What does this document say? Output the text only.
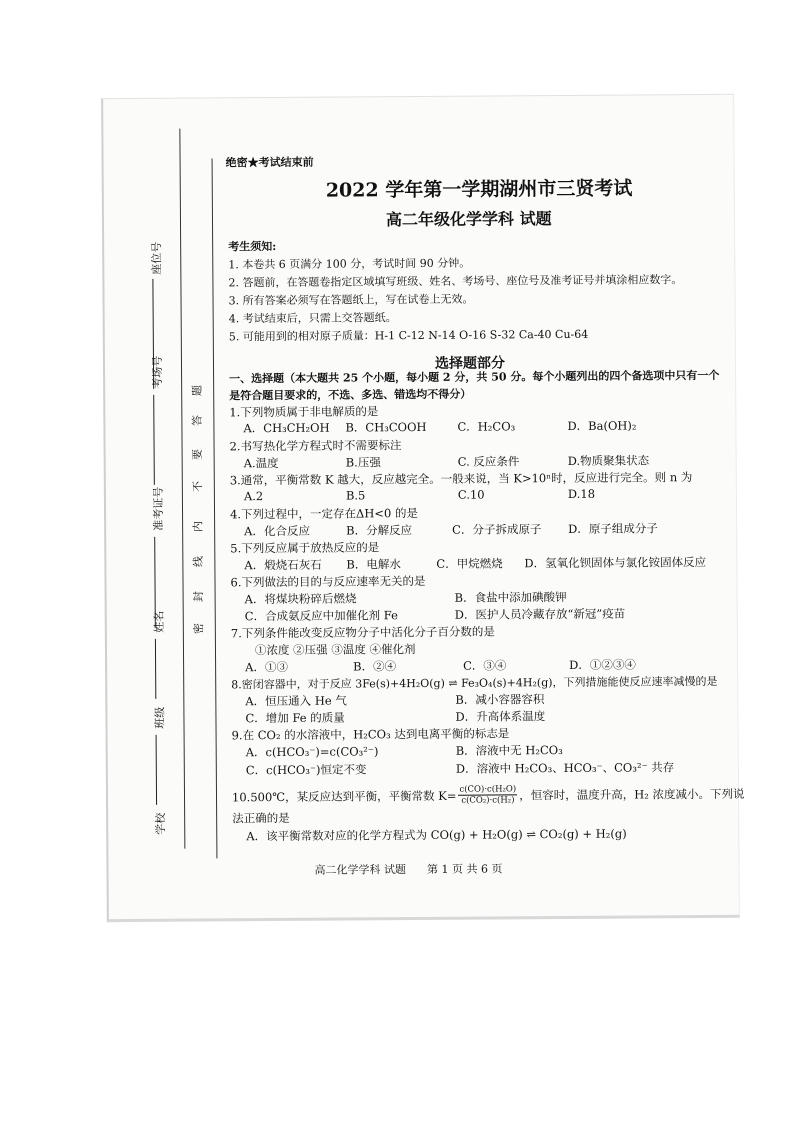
座位号
考场号
准考证号
姓名
班级
学校
题
答
要
不
内
线
封
密
绝密★考试结束前
2022 学年第一学期湖州市三贤考试
高二年级化学学科 试题
考生须知:
1. 本卷共 6 页满分 100 分，考试时间 90 分钟。
2. 答题前，在答题卷指定区域填写班级、姓名、考场号、座位号及准考证号并填涂相应数字。
3. 所有答案必须写在答题纸上，写在试卷上无效。
4. 考试结束后，只需上交答题纸。
5. 可能用到的相对原子质量：H-1 C-12 N-14 O-16 S-32 Ca-40 Cu-64
选择题部分
一、选择题（本大题共 25 个小题，每小题 2 分，共 50 分。每个小题列出的四个备选项中只有一个
是符合题目要求的，不选、多选、错选均不得分）
1.下列物质属于非电解质的是
A．CH₃CH₂OH B．CH₃COOH	C．H₂CO₃	D．Ba(OH)₂
2.书写热化学方程式时不需要标注
A.温度	B.压强	C. 反应条件	D.物质聚集状态
3.通常，平衡常数 K 越大，反应越完全。一般来说，当 K>10ⁿ时，反应进行完全。则 n 为
A.2	B.5	C.10	D.18
4.下列过程中，一定存在ΔH<0 的是
A．化合反应	B．分解反应	C．分子拆成原子 D．原子组成分子
5.下列反应属于放热反应的是
A．煅烧石灰石 B．电解水	C．甲烷燃烧 D．氢氧化钡固体与氯化铵固体反应
6.下列做法的目的与反应速率无关的是
A．将煤块粉碎后燃烧	B．食盐中添加碘酸钾
C．合成氨反应中加催化剂 Fe	D．医护人员冷藏存放“新冠”疫苗
7.下列条件能改变反应物分子中活化分子百分数的是
①浓度 ②压强 ③温度 ④催化剂
A．①③	B．②④	C．③④	D．①②③④
8.密闭容器中，对于反应 3Fe(s)+4H₂O(g) ⇌ Fe₃O₄(s)+4H₂(g)，下列措施能使反应速率减慢的是
A．恒压通入 He 气	B．减小容器容积
C．增加 Fe 的质量	D．升高体系温度
9.在 CO₂ 的水溶液中，H₂CO₃ 达到电离平衡的标志是
A．c(HCO₃⁻)=c(CO₃²⁻)	B．溶液中无 H₂CO₃
C．c(HCO₃⁻)恒定不变	D．溶液中 H₂CO₃、HCO₃⁻、CO₃²⁻ 共存
10.500℃，某反应达到平衡，平衡常数 $K= \frac{\text{c(CO)·c(H₂O)}}{\text{c(CO₂)·c(H₂)}}$ ，恒容时，温度升高，H₂ 浓度减小。下列说
法正确的是
A．该平衡常数对应的化学方程式为 CO(g) + H₂O(g) ⇌ CO₂(g) + H₂(g)
高二化学学科 试题      第 1 页 共 6 页
